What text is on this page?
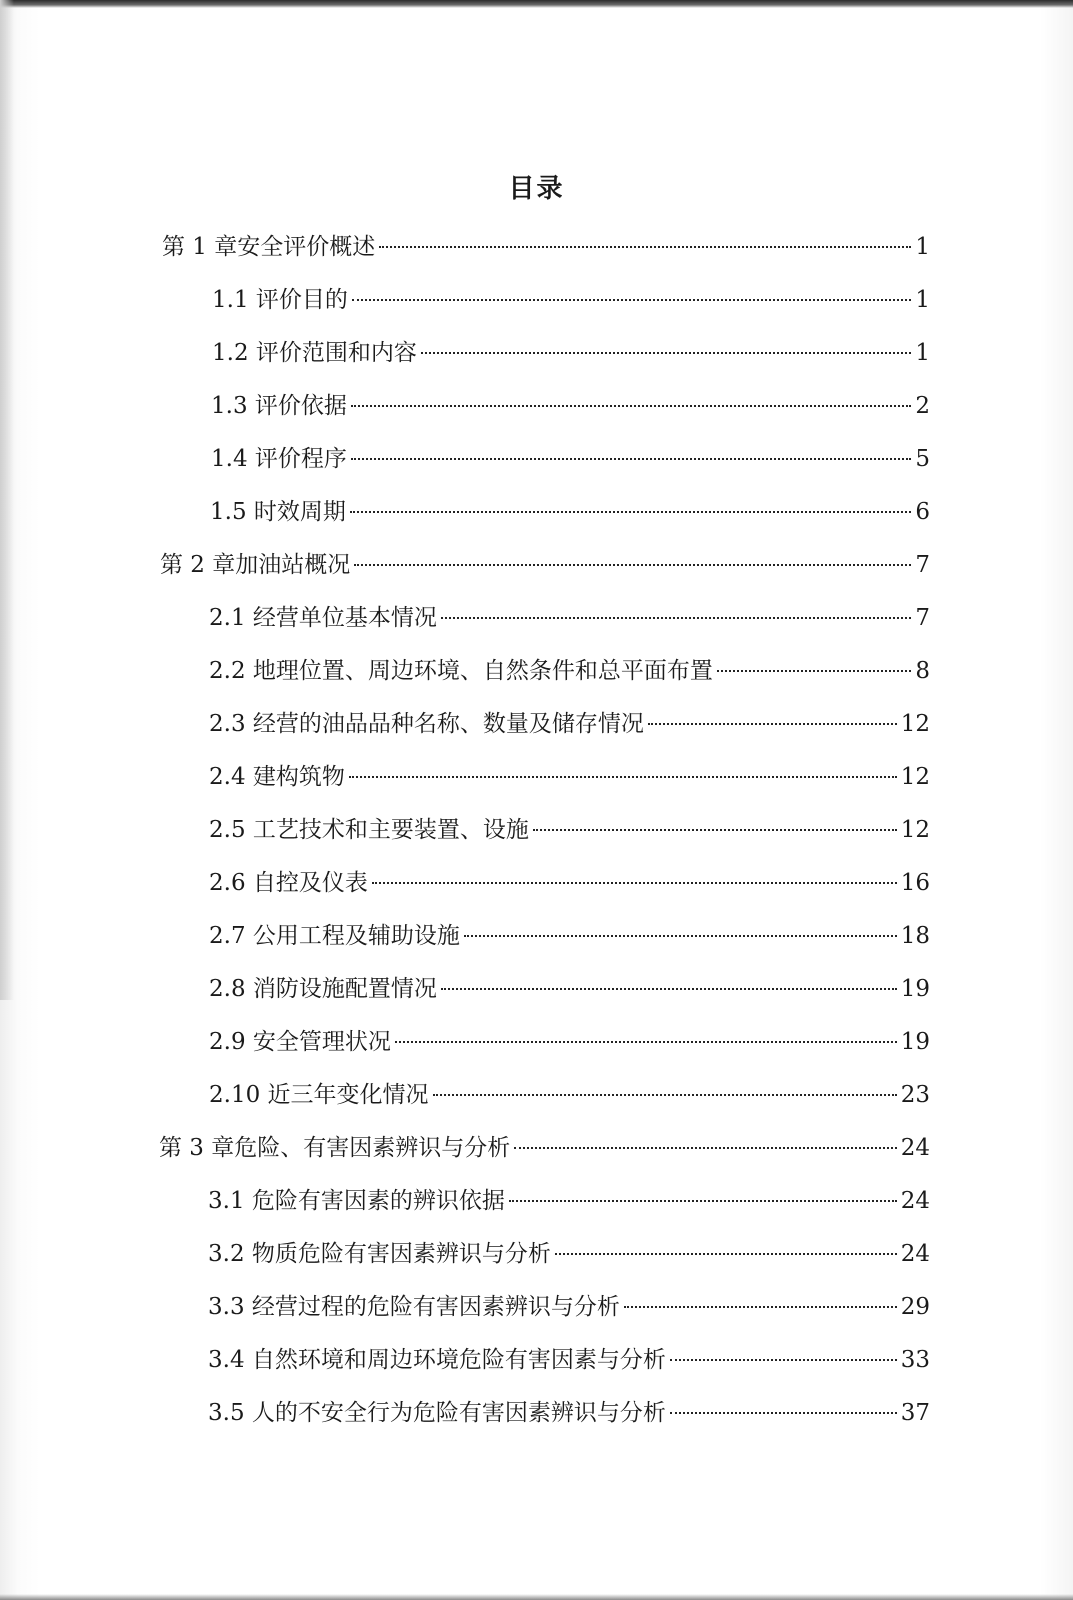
目录
第 1 章安全评价概述	1
1.1 评价目的	1
1.2 评价范围和内容	1
1.3 评价依据	2
1.4 评价程序	5
1.5 时效周期	6
第 2 章加油站概况	7
2.1 经营单位基本情况	7
2.2 地理位置、周边环境、自然条件和总平面布置	8
2.3 经营的油品品种名称、数量及储存情况	12
2.4 建构筑物	12
2.5 工艺技术和主要装置、设施	12
2.6 自控及仪表	16
2.7 公用工程及辅助设施	18
2.8 消防设施配置情况	19
2.9 安全管理状况	19
2.10 近三年变化情况	23
第 3 章危险、有害因素辨识与分析	24
3.1 危险有害因素的辨识依据	24
3.2 物质危险有害因素辨识与分析	24
3.3 经营过程的危险有害因素辨识与分析	29
3.4 自然环境和周边环境危险有害因素与分析	33
3.5 人的不安全行为危险有害因素辨识与分析	37
